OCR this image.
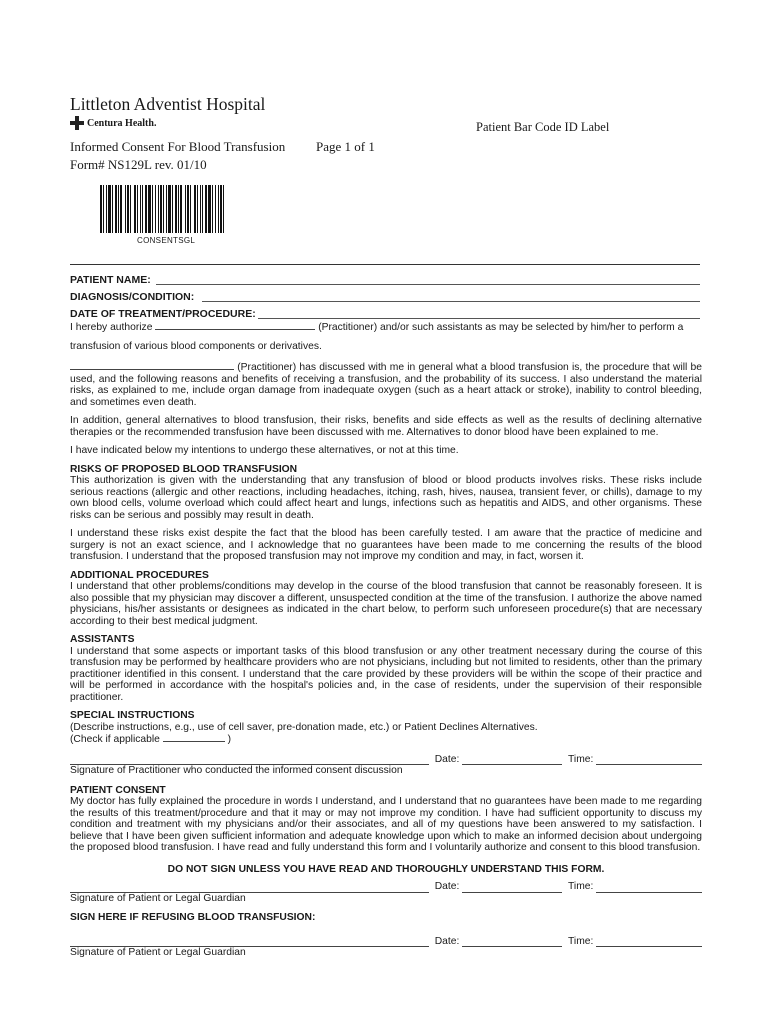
Littleton Adventist Hospital
Centura Health.	Patient Bar Code ID Label
Informed Consent For Blood Transfusion Page 1 of 1
Form# NS129L rev. 01/10
CONSENTSGL
PATIENT NAME:
DIAGNOSIS/CONDITION:
DATE OF TREATMENT/PROCEDURE:

I hereby authorize	(Practitioner) and/or such assistants as may be selected by him/her to perform a

transfusion of various blood components or derivatives.

(Practitioner) has discussed with me in general what a blood transfusion is, the procedure that will be used, and the following reasons and benefits of receiving a transfusion, and the probability of its success. I also understand the material risks, as explained to me, include organ damage from inadequate oxygen (such as a heart attack or stroke), inability to control bleeding, and sometimes even death.

In addition, general alternatives to blood transfusion, their risks, benefits and side effects as well as the results of declining alternative therapies or the recommended transfusion have been discussed with me. Alternatives to donor blood have been explained to me.

I have indicated below my intentions to undergo these alternatives, or not at this time.

RISKS OF PROPOSED BLOOD TRANSFUSION

This authorization is given with the understanding that any transfusion of blood or blood products involves risks. These risks include serious reactions (allergic and other reactions, including headaches, itching, rash, hives, nausea, transient fever, or chills), damage to my own blood cells, volume overload which could affect heart and lungs, infections such as hepatitis and AIDS, and other organisms. These risks can be serious and possibly may result in death.

I understand these risks exist despite the fact that the blood has been carefully tested. I am aware that the practice of medicine and surgery is not an exact science, and I acknowledge that no guarantees have been made to me concerning the results of the blood transfusion. I understand that the proposed transfusion may not improve my condition and may, in fact, worsen it.

ADDITIONAL PROCEDURES

I understand that other problems/conditions may develop in the course of the blood transfusion that cannot be reasonably foreseen. It is also possible that my physician may discover a different, unsuspected condition at the time of the transfusion. I authorize the above named physicians, his/her assistants or designees as indicated in the chart below, to perform such unforeseen procedure(s) that are necessary according to their best medical judgment.

ASSISTANTS

I understand that some aspects or important tasks of this blood transfusion or any other treatment necessary during the course of this transfusion may be performed by healthcare providers who are not physicians, including but not limited to residents, other than the primary practitioner identified in this consent. I understand that the care provided by these providers will be within the scope of their practice and will be performed in accordance with the hospital's policies and, in the case of residents, under the supervision of their responsible practitioner.

SPECIAL INSTRUCTIONS
(Describe instructions, e.g., use of cell saver, pre-donation made, etc.) or Patient Declines Alternatives.
(Check if applicable	)
Date:	Time:
Signature of Practitioner who conducted the informed consent discussion
PATIENT CONSENT

My doctor has fully explained the procedure in words I understand, and I understand that no guarantees have been made to me regarding the results of this treatment/procedure and that it may or may not improve my condition. I have had sufficient opportunity to discuss my condition and treatment with my physicians and/or their associates, and all of my questions have been answered to my satisfaction. I believe that I have been given sufficient information and adequate knowledge upon which to make an informed decision about undergoing the proposed blood transfusion. I have read and fully understand this form and I voluntarily authorize and consent to this blood transfusion.

DO NOT SIGN UNLESS YOU HAVE READ AND THOROUGHLY UNDERSTAND THIS FORM.

Date:	Time:
Signature of Patient or Legal Guardian
SIGN HERE IF REFUSING BLOOD TRANSFUSION:
Date:	Time:
Signature of Patient or Legal Guardian
